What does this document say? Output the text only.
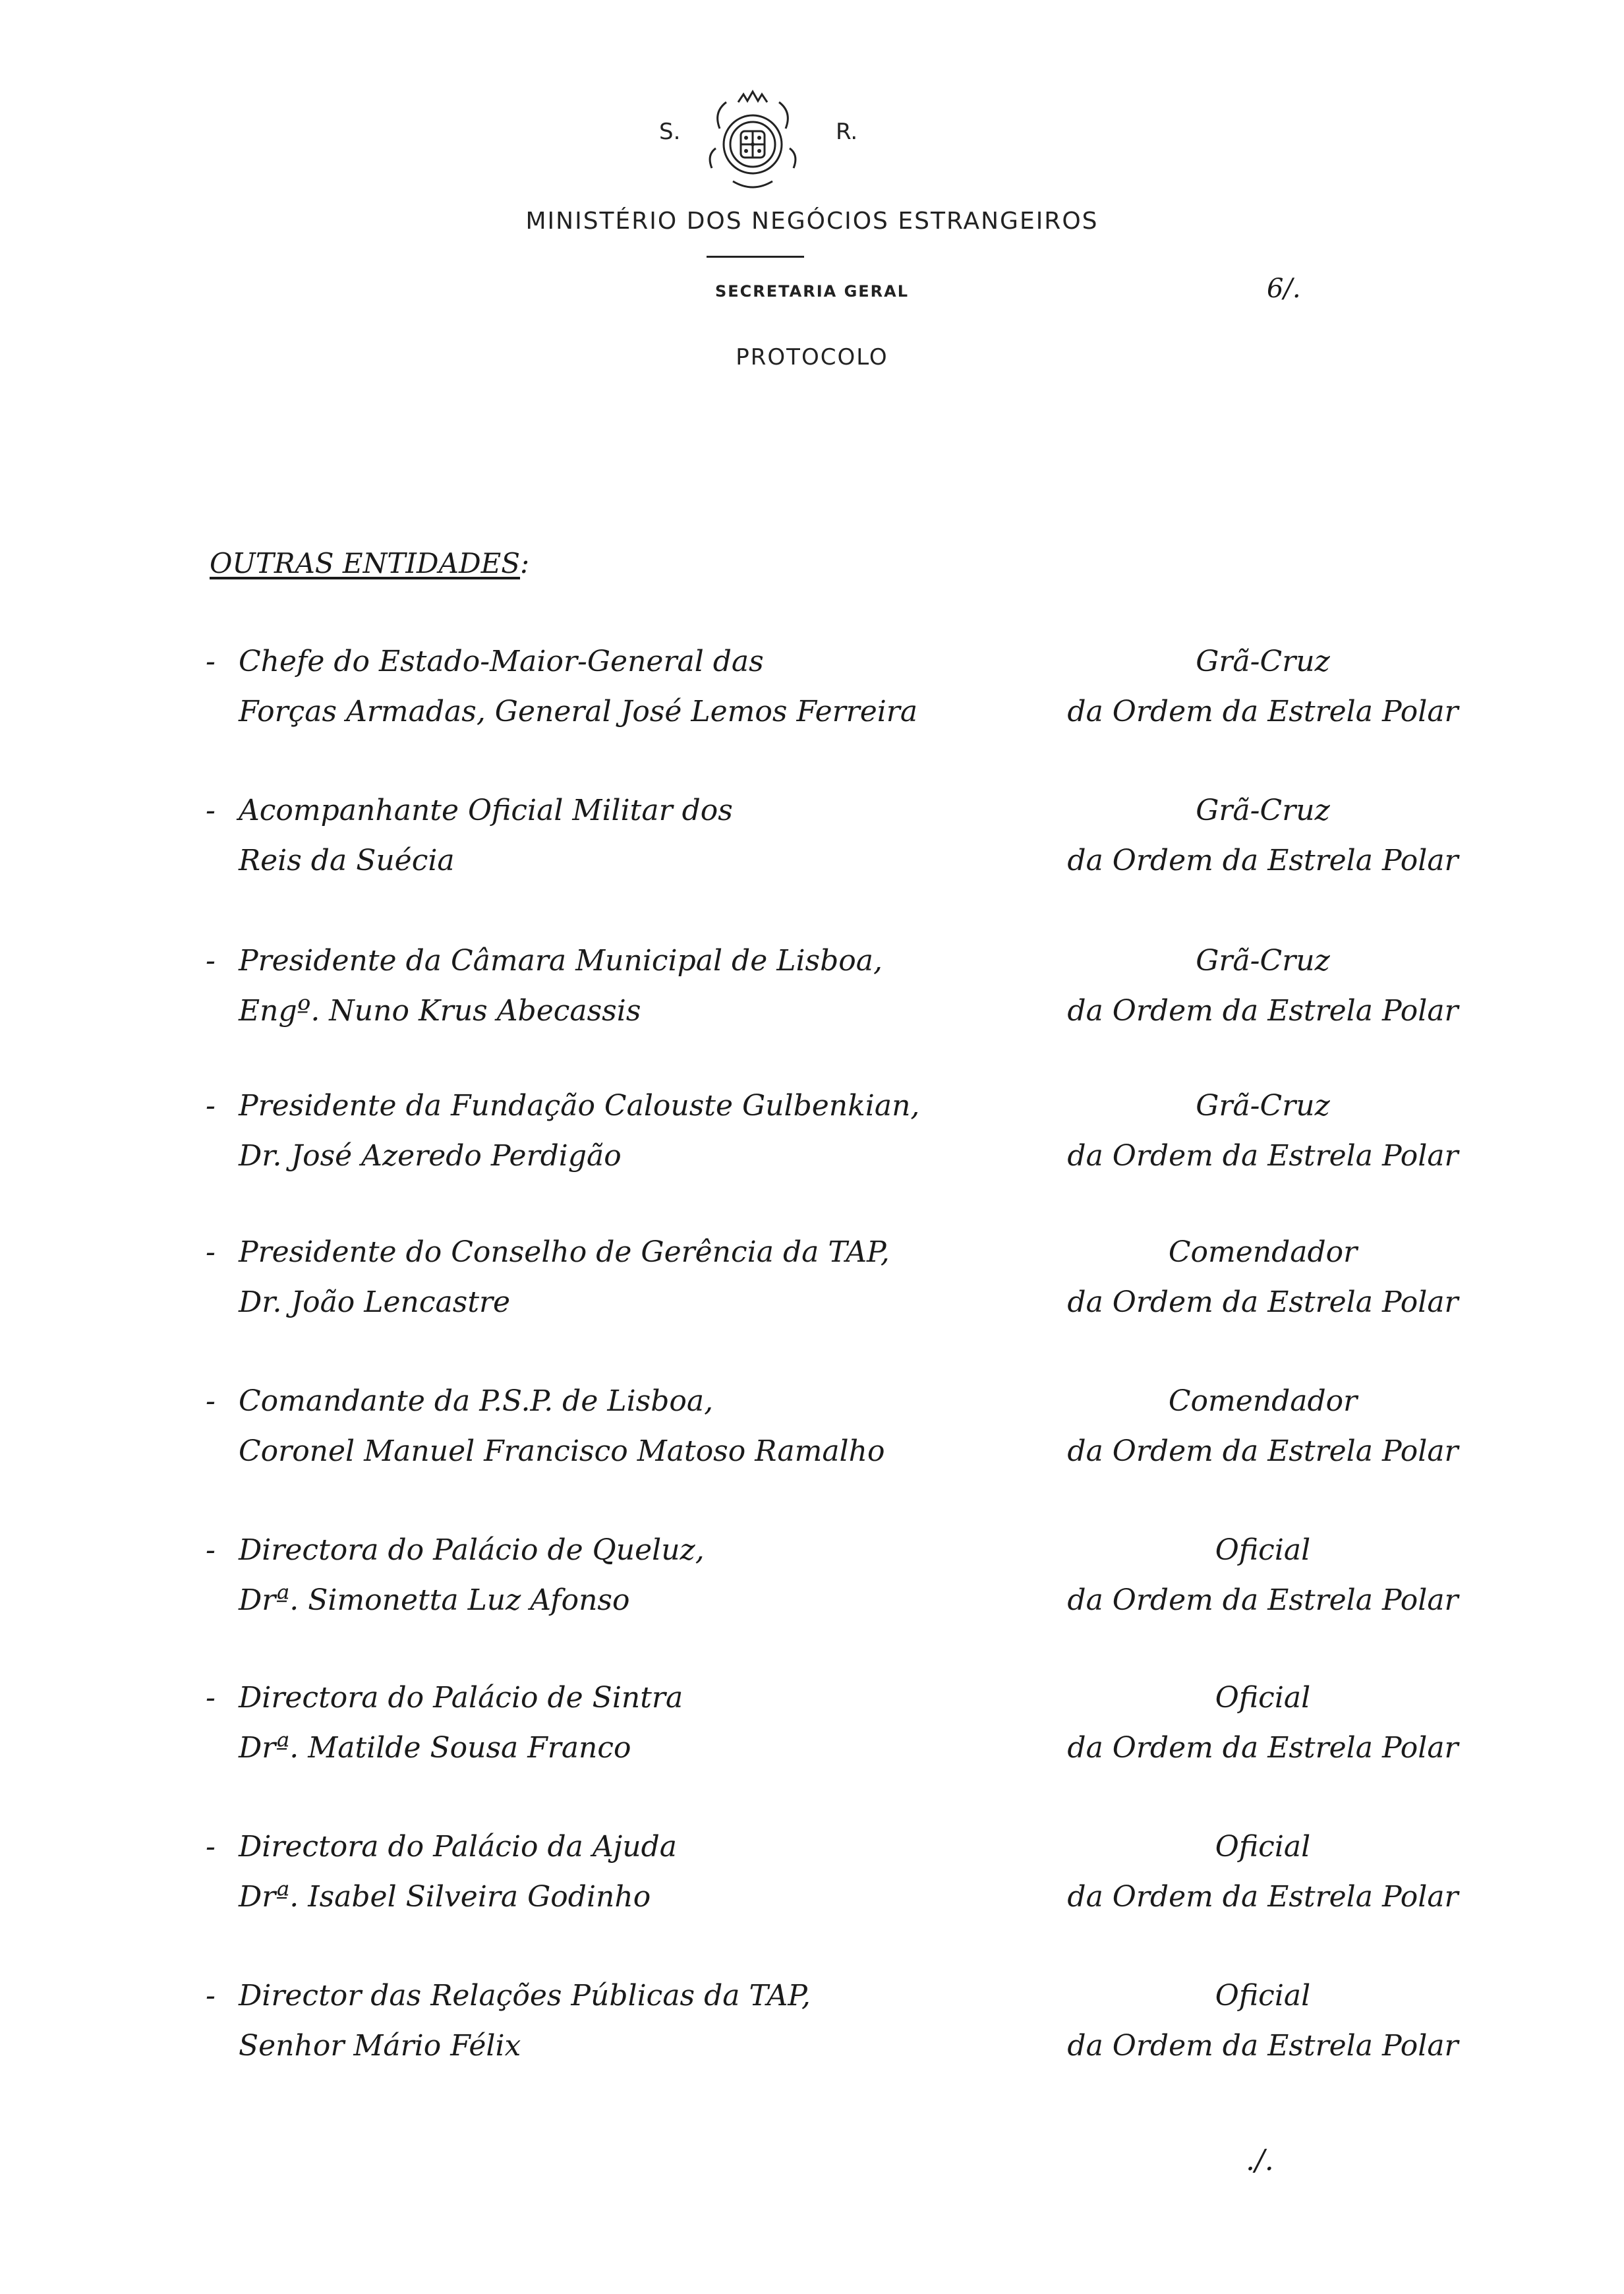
S.	R.
MINISTÉRIO DOS NEGÓCIOS ESTRANGEIROS
SECRETARIA GERAL	6/.
PROTOCOLO
OUTRAS ENTIDADES:
- Chefe do Estado-Maior-General das
Forças Armadas, General José Lemos Ferreira
Grã-Cruz
da Ordem da Estrela Polar
- Acompanhante Oficial Militar dos
Reis da Suécia
Grã-Cruz
da Ordem da Estrela Polar
- Presidente da Câmara Municipal de Lisboa,
Engº. Nuno Krus Abecassis
Grã-Cruz
da Ordem da Estrela Polar
- Presidente da Fundação Calouste Gulbenkian,
Dr. José Azeredo Perdigão
Grã-Cruz
da Ordem da Estrela Polar
- Presidente do Conselho de Gerência da TAP,
Dr. João Lencastre
Comendador
da Ordem da Estrela Polar
- Comandante da P.S.P. de Lisboa,
Coronel Manuel Francisco Matoso Ramalho
Comendador
da Ordem da Estrela Polar
- Directora do Palácio de Queluz,
Drª. Simonetta Luz Afonso
Oficial
da Ordem da Estrela Polar
- Directora do Palácio de Sintra
Drª. Matilde Sousa Franco
Oficial
da Ordem da Estrela Polar
- Directora do Palácio da Ajuda
Drª. Isabel Silveira Godinho
Oficial
da Ordem da Estrela Polar
- Director das Relações Públicas da TAP,
Senhor Mário Félix
Oficial
da Ordem da Estrela Polar
./.
